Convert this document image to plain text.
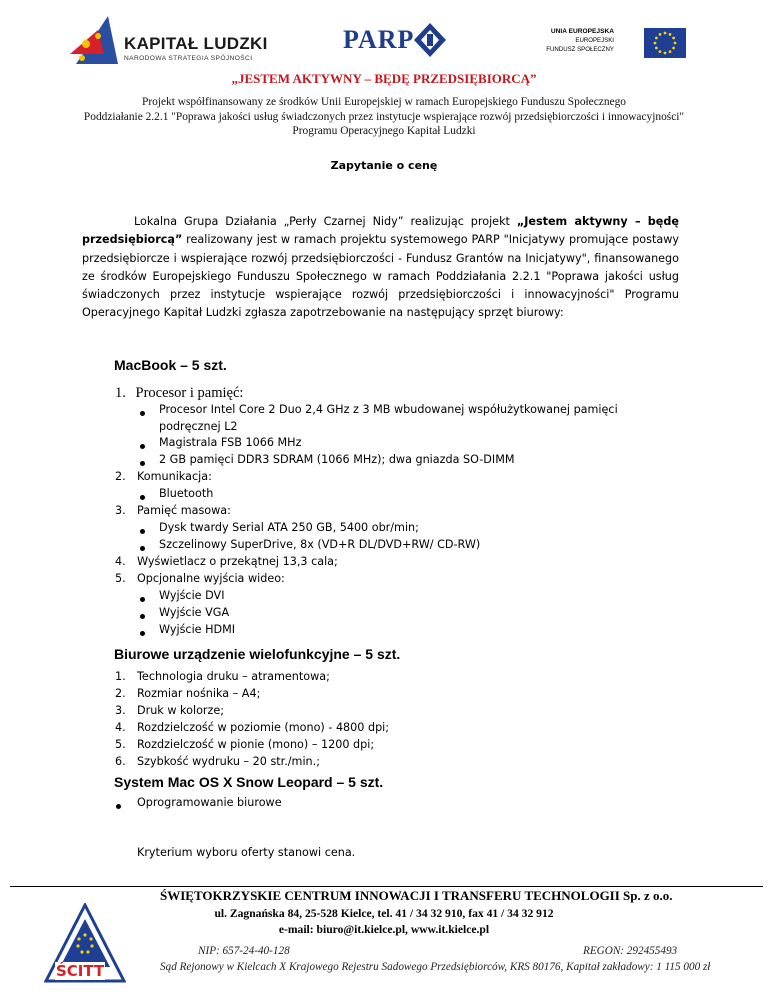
KAPITAŁ LUDZKI
NARODOWA STRATEGIA SPÓJNOŚCI
PARP	UNIA EUROPEJSKA
EUROPEJSKI
FUNDUSZ SPOŁECZNY
„JESTEM AKTYWNY – BĘDĘ PRZEDSIĘBIORCĄ”
Projekt współfinansowany ze środków Unii Europejskiej w ramach Europejskiego Funduszu Społecznego
Poddziałanie 2.2.1 "Poprawa jakości usług świadczonych przez instytucje wspierające rozwój przedsiębiorczości i innowacyjności"
Programu Operacyjnego Kapitał Ludzki
Zapytanie o cenę
Lokalna Grupa Działania „Perły Czarnej Nidy” realizując projekt „Jestem aktywny – będę przedsiębiorcą” realizowany jest w ramach projektu systemowego PARP "Inicjatywy promujące postawy przedsiębiorcze i wspierające rozwój przedsiębiorczości - Fundusz Grantów na Inicjatywy", finansowanego ze środków Europejskiego Funduszu Społecznego w ramach Poddziałania 2.2.1 "Poprawa jakości usług świadczonych przez instytucje wspierające rozwój przedsiębiorczości i innowacyjności" Programu Operacyjnego Kapitał Ludzki zgłasza zapotrzebowanie na następujący sprzęt biurowy:
MacBook – 5 szt.
1. Procesor i pamięć:
Procesor Intel Core 2 Duo 2,4 GHz z 3 MB wbudowanej współużytkowanej pamięci
podręcznej L2
Magistrala FSB 1066 MHz
2 GB pamięci DDR3 SDRAM (1066 MHz); dwa gniazda SO-DIMM
2. Komunikacja:
Bluetooth
3. Pamięć masowa:
Dysk twardy Serial ATA 250 GB, 5400 obr/min;
Szczelinowy SuperDrive, 8x (VD+R DL/DVD+RW/ CD-RW)
4. Wyświetlacz o przekątnej 13,3 cala;
5. Opcjonalne wyjścia wideo:
Wyjście DVI
Wyjście VGA
Wyjście HDMI
Biurowe urządzenie wielofunkcyjne – 5 szt.
1. Technologia druku – atramentowa;
2. Rozmiar nośnika – A4;
3. Druk w kolorze;
4. Rozdzielczość w poziomie (mono) - 4800 dpi;
5. Rozdzielczość w pionie (mono) – 1200 dpi;
6. Szybkość wydruku – 20 str./min.;
System Mac OS X Snow Leopard – 5 szt.
Oprogramowanie biurowe
Kryterium wyboru oferty stanowi cena.
ŚWIĘTOKRZYSKIE CENTRUM INNOWACJI I TRANSFERU TECHNOLOGII Sp. z o.o.
ul. Zagnańska 84, 25-528 Kielce, tel. 41 / 34 32 910, fax 41 / 34 32 912
e-mail: biuro@it.kielce.pl, www.it.kielce.pl
NIP: 657-24-40-128	REGON: 292455493
Sąd Rejonowy w Kielcach X Krajowego Rejestru Sadowego Przedsiębiorców, KRS 80176, Kapitał zakładowy: 1 115 000 zł
ŚCITT
